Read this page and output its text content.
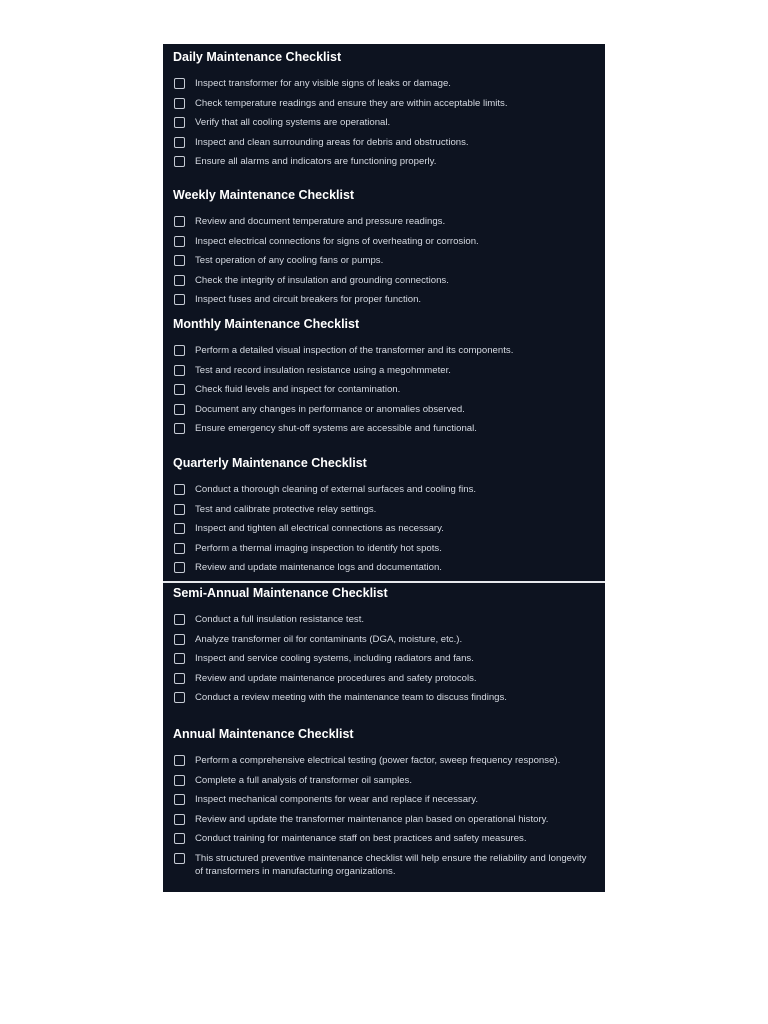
Daily Maintenance Checklist
Inspect transformer for any visible signs of leaks or damage.
Check temperature readings and ensure they are within acceptable limits.
Verify that all cooling systems are operational.
Inspect and clean surrounding areas for debris and obstructions.
Ensure all alarms and indicators are functioning properly.
Weekly Maintenance Checklist
Review and document temperature and pressure readings.
Inspect electrical connections for signs of overheating or corrosion.
Test operation of any cooling fans or pumps.
Check the integrity of insulation and grounding connections.
Inspect fuses and circuit breakers for proper function.
Monthly Maintenance Checklist
Perform a detailed visual inspection of the transformer and its components.
Test and record insulation resistance using a megohmmeter.
Check fluid levels and inspect for contamination.
Document any changes in performance or anomalies observed.
Ensure emergency shut-off systems are accessible and functional.
Quarterly Maintenance Checklist
Conduct a thorough cleaning of external surfaces and cooling fins.
Test and calibrate protective relay settings.
Inspect and tighten all electrical connections as necessary.
Perform a thermal imaging inspection to identify hot spots.
Review and update maintenance logs and documentation.
Semi-Annual Maintenance Checklist
Conduct a full insulation resistance test.
Analyze transformer oil for contaminants (DGA, moisture, etc.).
Inspect and service cooling systems, including radiators and fans.
Review and update maintenance procedures and safety protocols.
Conduct a review meeting with the maintenance team to discuss findings.
Annual Maintenance Checklist
Perform a comprehensive electrical testing (power factor, sweep frequency response).
Complete a full analysis of transformer oil samples.
Inspect mechanical components for wear and replace if necessary.
Review and update the transformer maintenance plan based on operational history.
Conduct training for maintenance staff on best practices and safety measures.
This structured preventive maintenance checklist will help ensure the reliability and longevity of transformers in manufacturing organizations.
